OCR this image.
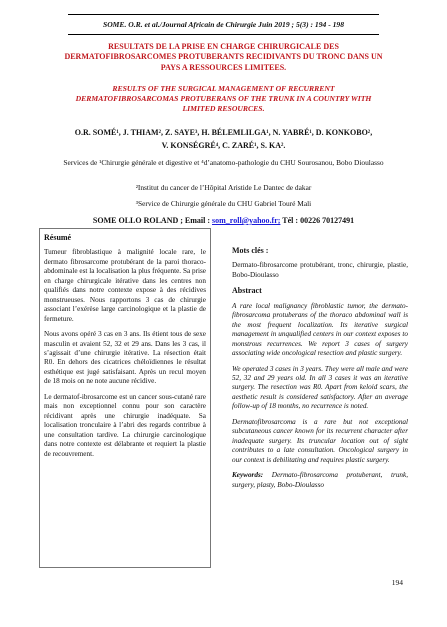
SOME. O.R. et al./Journal Africain de Chirurgie Juin 2019 ; 5(3) : 194 - 198
RESULTATS DE LA PRISE EN CHARGE CHIRURGICALE DES DERMATOFIBROSARCOMES PROTUBERANTS RECIDIVANTS DU TRONC DANS UN PAYS A RESSOURCES LIMITEES.
RESULTS OF THE SURGICAL MANAGEMENT OF RECURRENT DERMATOFIBROSARCOMAS PROTUBERANS OF THE TRUNK IN A COUNTRY WITH LIMITED RESOURCES.
O.R. SOMÉ¹, J. THIAM², Z. SAYE³, H. BÉLEMLILGA¹, N. YABRÉ¹, D. KONKOBO²,
V. KONSÉGRÉ⁴, C. ZARÉ¹, S. KA².
Services de ¹Chirurgie générale et digestive et ⁴d’anatomo-pathologie du CHU Sourosanou, Bobo Dioulasso
²Institut du cancer de l’Hôpital Aristide Le Dantec de dakar
³Service de Chirurgie générale du CHU Gabriel Touré Mali
SOME OLLO ROLAND ; Email : som_roll@yahoo.fr; Tél : 00226 70127491
Résumé

Tumeur fibroblastique à malignité locale rare, le dermato fibrosarcome protubérant de la paroi thoraco-abdominale est la localisation la plus fréquente. Sa prise en charge chirurgicale itérative dans les centres non qualifiés dans notre contexte expose à des récidives monstrueuses. Nous rapportons 3 cas de chirurgie associant l’exérèse large carcinologique et la plastie de fermeture.

Nous avons opéré 3 cas en 3 ans. Ils étient tous de sexe masculin et avaient 52, 32 et 29 ans. Dans les 3 cas, il s’agissait d’une chirurgie itérative. La résection était R0. En dehors des cicatrices chéloïdiennes le résultat esthétique est jugé satisfaisant. Après un recul moyen de 18 mois on ne note aucune récidive.

Le dermatof-ibrosarcome est un cancer sous-cutané rare mais non exceptionnel connu pour son caractère récidivant après une chirurgie inadéquate. Sa localisation tronculaire à l’abri des regards contribue à une consultation tardive. La chirurgie carcinologique dans notre contexte est délabrante et requiert la plastie de recouvrement.

Mots clés :

Dermato-fibrosarcome protubérant, tronc, chirurgie, plastie, Bobo-Dioulasso

Abstract

A rare local malignancy fibroblastic tumor, the dermato-fibrosarcoma protuberans of the thoraco abdominal wall is the most frequent localization. Its iterative surgical management in unqualified centers in our context exposes to monstrous recurrences. We report 3 cases of surgery associating wide oncological resection and plastic surgery.

We operated 3 cases in 3 years. They were all male and were 52, 32 and 29 years old. In all 3 cases it was an iterative surgery. The resection was R0. Apart from keloid scars, the aesthetic result is considered satisfactory. After an average follow-up of 18 months, no recurrence is noted.

Dermatofibrosarcoma is a rare but not exceptional subcutaneous cancer known for its recurrent character after inadequate surgery. Its truncular location out of sight contributes to a late consultation. Oncological surgery in our context is debilitating and requires plastic surgery.

Keywords: Dermato-fibrosarcoma protuberant, trunk, surgery, plasty, Bobo-Dioulasso

194
